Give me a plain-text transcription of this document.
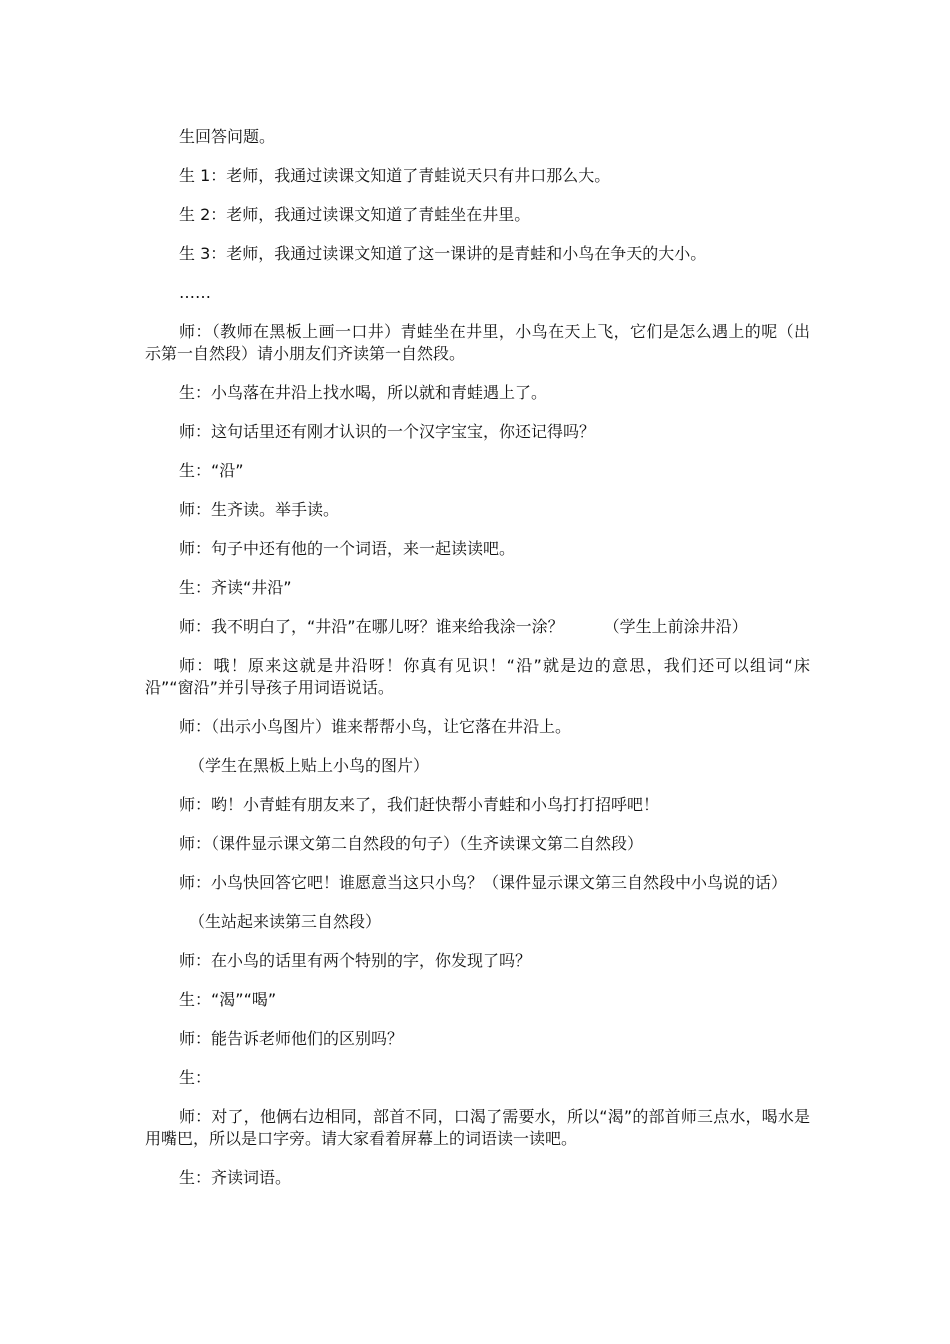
生回答问题。

生 1：老师，我通过读课文知道了青蛙说天只有井口那么大。

生 2：老师，我通过读课文知道了青蛙坐在井里。

生 3：老师，我通过读课文知道了这一课讲的是青蛙和小鸟在争天的大小。

……

师：（教师在黑板上画一口井）青蛙坐在井里，小鸟在天上飞，它们是怎么遇上的呢（出示第一自然段）请小朋友们齐读第一自然段。

生：小鸟落在井沿上找水喝，所以就和青蛙遇上了。

师：这句话里还有刚才认识的一个汉字宝宝，你还记得吗？

生：“沿”

师：生齐读。举手读。

师：句子中还有他的一个词语，来一起读读吧。

生：齐读“井沿”

师：我不明白了，“井沿”在哪儿呀？谁来给我涂一涂？　　　（学生上前涂井沿）

师：哦！原来这就是井沿呀！你真有见识！“沿”就是边的意思，我们还可以组词“床沿”“窗沿”并引导孩子用词语说话。

师：（出示小鸟图片）谁来帮帮小鸟，让它落在井沿上。

（学生在黑板上贴上小鸟的图片）

师：哟！小青蛙有朋友来了，我们赶快帮小青蛙和小鸟打打招呼吧！

师：（课件显示课文第二自然段的句子）（生齐读课文第二自然段）

师：小鸟快回答它吧！谁愿意当这只小鸟？（课件显示课文第三自然段中小鸟说的话）

（生站起来读第三自然段）

师：在小鸟的话里有两个特别的字，你发现了吗？

生：“渴”“喝”

师：能告诉老师他们的区别吗？

生：

师：对了，他俩右边相同，部首不同，口渴了需要水，所以“渴”的部首师三点水，喝水是用嘴巴，所以是口字旁。请大家看着屏幕上的词语读一读吧。

生：齐读词语。
